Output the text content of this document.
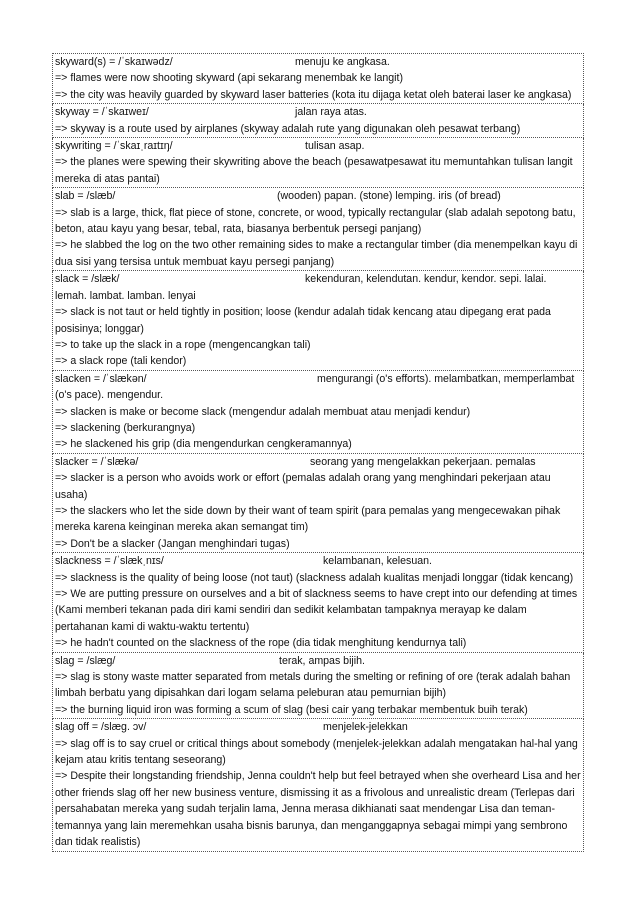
skyward(s) = /ˈskaɪwədz/	menuju ke angkasa.
=> flames were now shooting skyward (api sekarang menembak ke langit)
=> the city was heavily guarded by skyward laser batteries (kota itu dijaga ketat oleh baterai laser ke angkasa)
skyway = /ˈskaɪweɪ/	jalan raya atas.
=> skyway is a route used by airplanes (skyway adalah rute yang digunakan oleh pesawat terbang)
skywriting = /ˈskaɪˌraɪtɪŋ/	tulisan asap.
=> the planes were spewing their skywriting above the beach (pesawatpesawat itu memuntahkan tulisan langit mereka di atas pantai)
slab = /slæb/	(wooden) papan. (stone) lemping. iris (of bread)
=> slab is a large, thick, flat piece of stone, concrete, or wood, typically rectangular (slab adalah sepotong batu, beton, atau kayu yang besar, tebal, rata, biasanya berbentuk persegi panjang)
=> he slabbed the log on the two other remaining sides to make a rectangular timber (dia menempelkan kayu di dua sisi yang tersisa untuk membuat kayu persegi panjang)
slack = /slæk/	kekenduran, kelendutan. kendur, kendor. sepi. lalai. lemah. lambat. lamban. lenyai
=> slack is not taut or held tightly in position; loose (kendur adalah tidak kencang atau dipegang erat pada posisinya; longgar)
=> to take up the slack in a rope (mengencangkan tali)
=> a slack rope (tali kendor)
slacken = /ˈslækən/	mengurangi (o's efforts). melambatkan, memperlambat (o's pace). mengendur.
=> slacken is make or become slack (mengendur adalah membuat atau menjadi kendur)
=> slackening (berkurangnya)
=> he slackened his grip (dia mengendurkan cengkeramannya)
slacker = /ˈslækə/	seorang yang mengelakkan pekerjaan. pemalas
=> slacker is a person who avoids work or effort (pemalas adalah orang yang menghindari pekerjaan atau usaha)
=> the slackers who let the side down by their want of team spirit (para pemalas yang mengecewakan pihak mereka karena keinginan mereka akan semangat tim)
=> Don't be a slacker (Jangan menghindari tugas)
slackness = /ˈslækˌnɪs/	kelambanan, kelesuan.
=> slackness is the quality of being loose (not taut) (slackness adalah kualitas menjadi longgar (tidak kencang)
=> We are putting pressure on ourselves and a bit of slackness seems to have crept into our defending at times (Kami memberi tekanan pada diri kami sendiri dan sedikit kelambatan tampaknya merayap ke dalam pertahanan kami di waktu-waktu tertentu)
=> he hadn't counted on the slackness of the rope (dia tidak menghitung kendurnya tali)
slag = /slæg/	terak, ampas bijih.
=> slag is stony waste matter separated from metals during the smelting or refining of ore (terak adalah bahan limbah berbatu yang dipisahkan dari logam selama peleburan atau pemurnian bijih)
=> the burning liquid iron was forming a scum of slag (besi cair yang terbakar membentuk buih terak)
slag off = /slæg. ɔv/	menjelek-jelekkan
=> slag off is to say cruel or critical things about somebody (menjelek-jelekkan adalah mengatakan hal-hal yang kejam atau kritis tentang seseorang)
=> Despite their longstanding friendship, Jenna couldn't help but feel betrayed when she overheard Lisa and her other friends slag off her new business venture, dismissing it as a frivolous and unrealistic dream (Terlepas dari persahabatan mereka yang sudah terjalin lama, Jenna merasa dikhianati saat mendengar Lisa dan teman-temannya yang lain meremehkan usaha bisnis barunya, dan menganggapnya sebagai mimpi yang sembrono dan tidak realistis)
